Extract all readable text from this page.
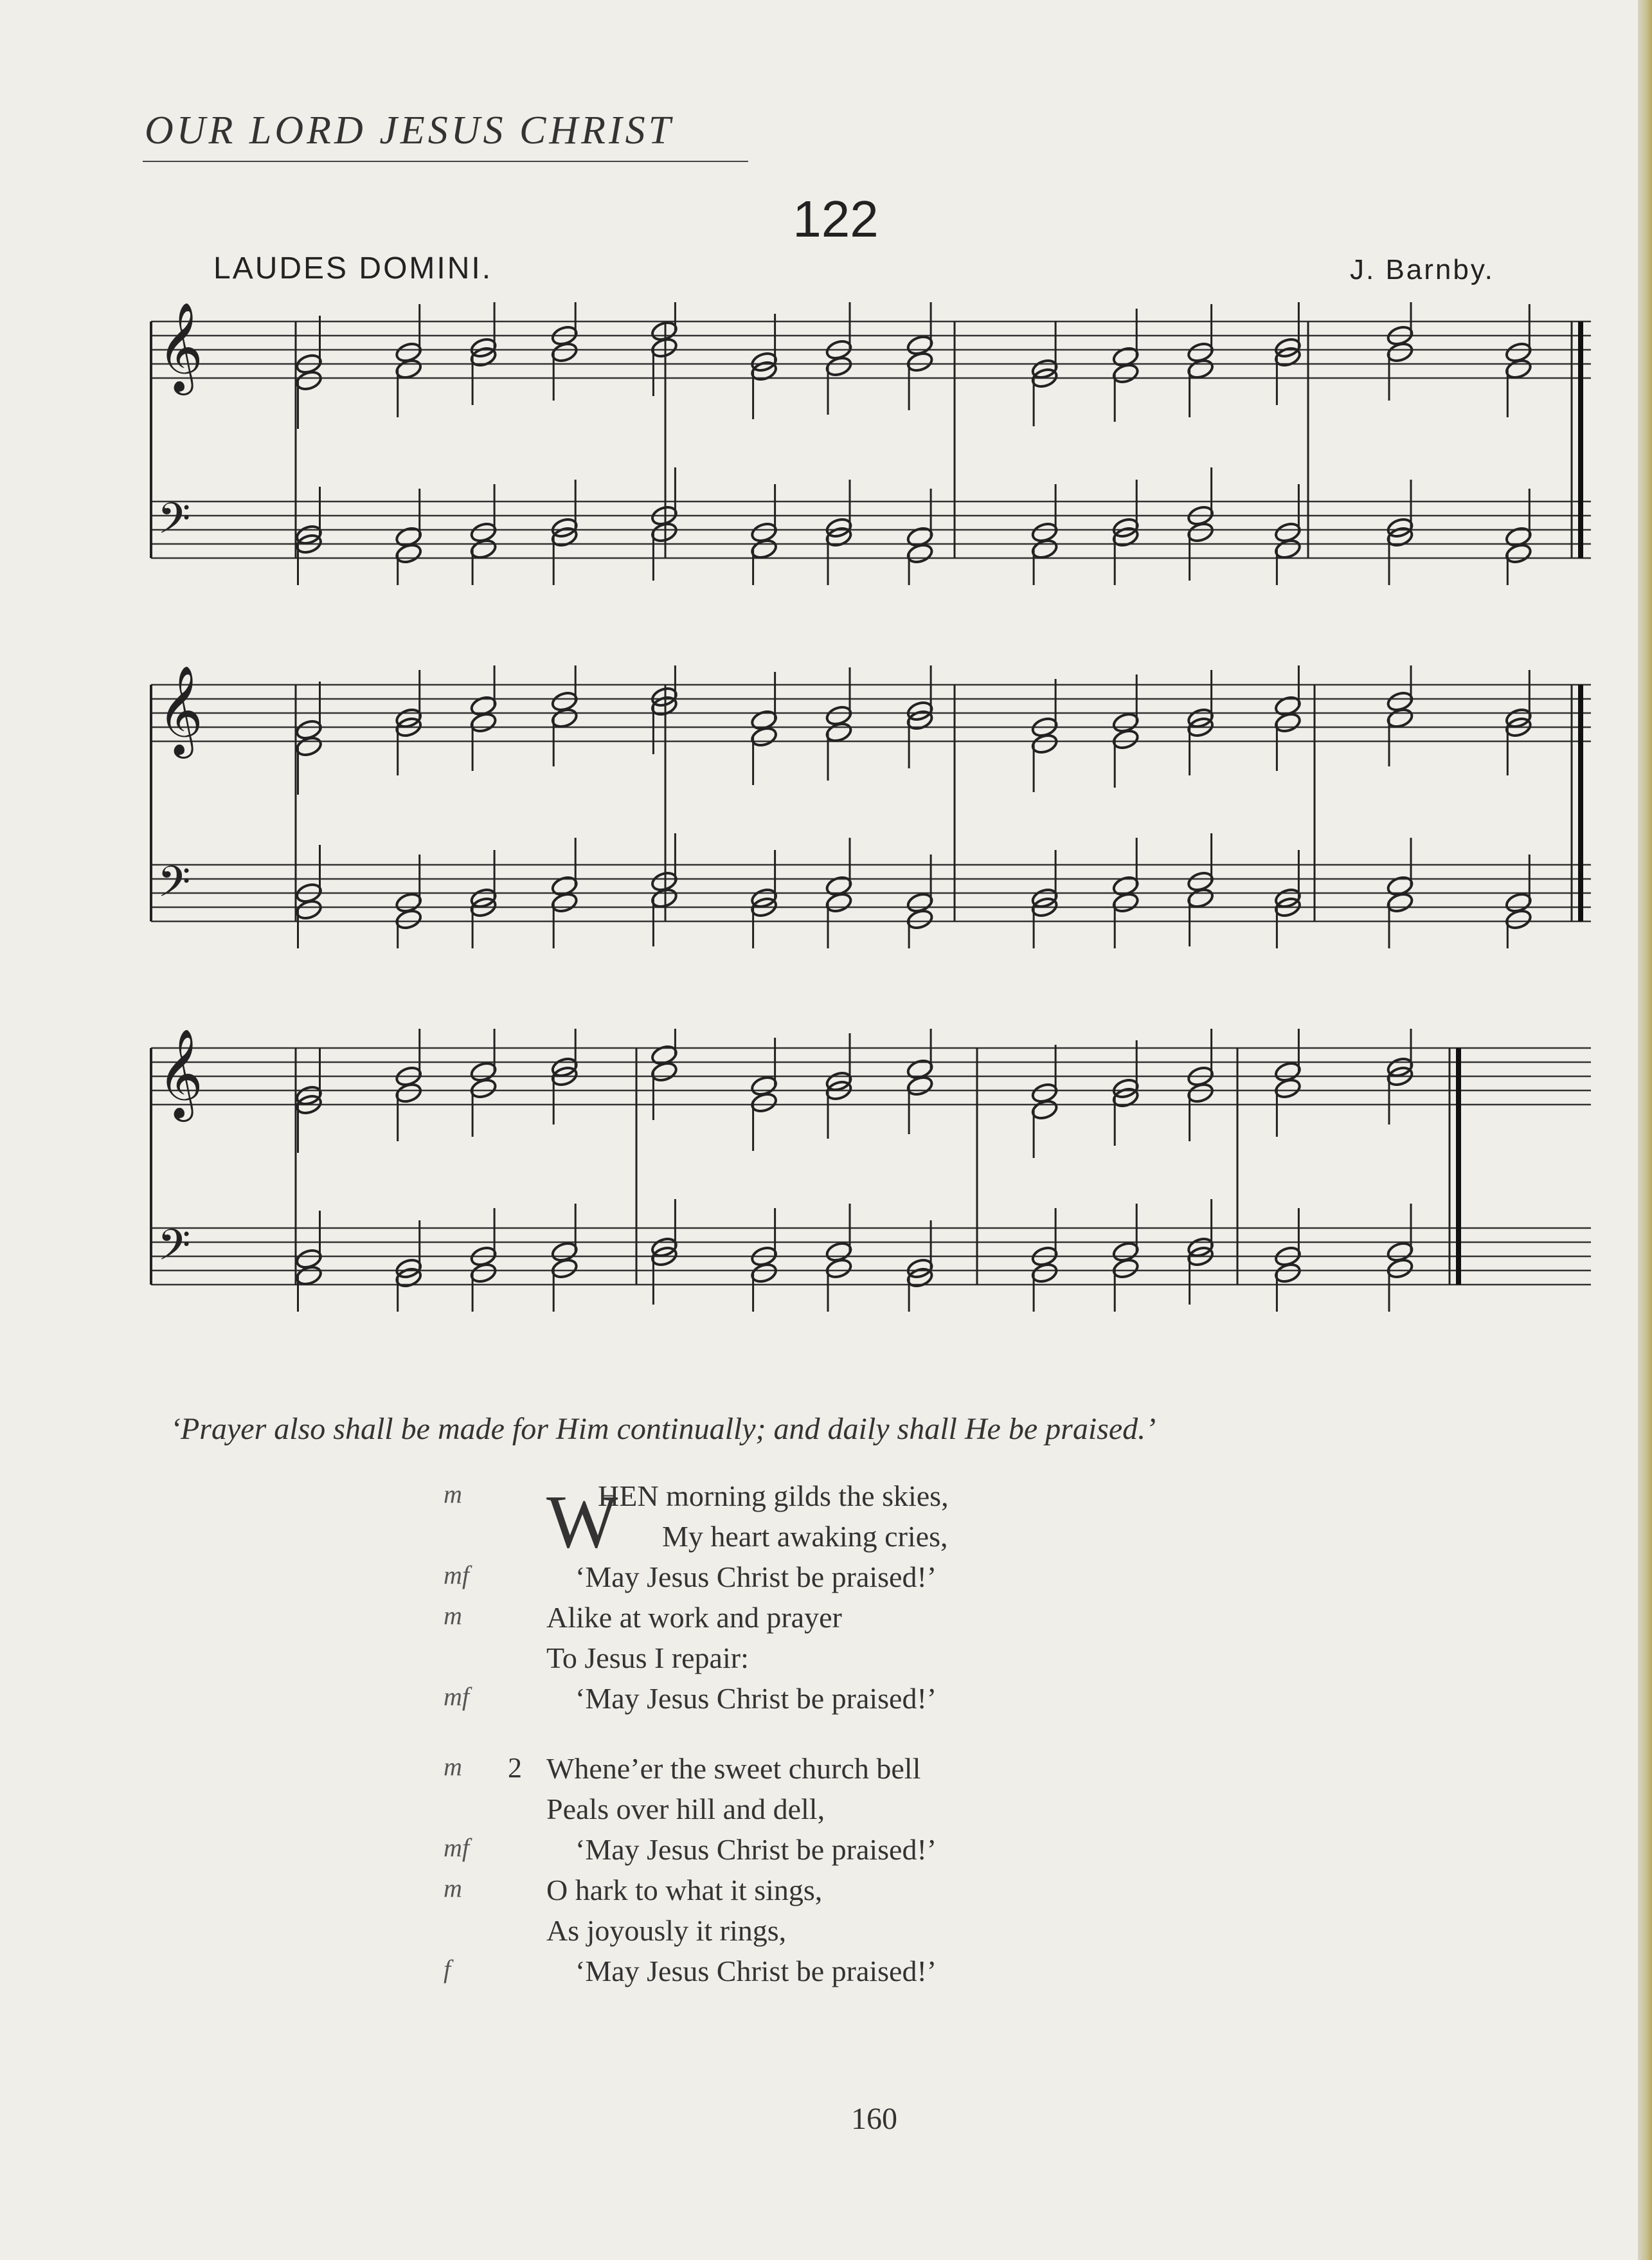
OUR LORD JESUS CHRIST
122
LAUDES DOMINI.	J. Barnby.
𝄞
𝄢
𝄞
𝄢
𝄞
𝄢
‘Prayer also shall be made for Him continually; and daily shall He be praised.’
m	W
HEN morning gilds the skies,
My heart awaking cries,
mf	‘May Jesus Christ be praised!’
m	Alike at work and prayer
To Jesus I repair:
mf	‘May Jesus Christ be praised!’
m	2 Whene’er the sweet church bell
Peals over hill and dell,
mf	‘May Jesus Christ be praised!’
m	O hark to what it sings,
As joyously it rings,
f	‘May Jesus Christ be praised!’
160
